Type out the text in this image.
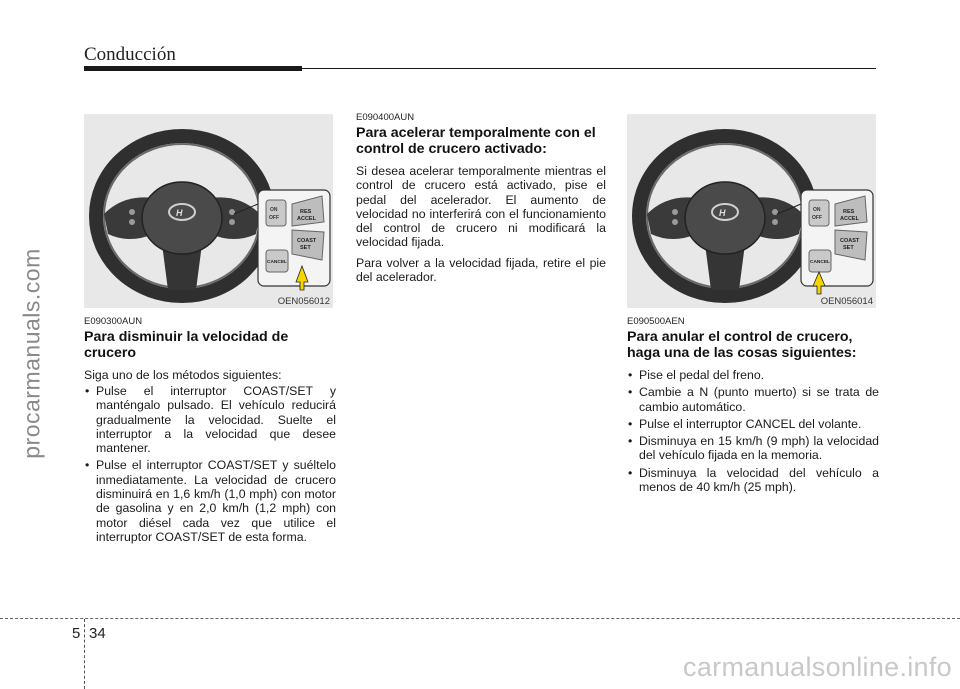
Conducción
procarmanuals.com
H	ON
OFF
RES
ACCEL
COAST
SET
CANCEL
OEN056012
E090300AUN
Para disminuir la velocidad de crucero

Siga uno de los métodos siguientes:

• Pulse el interruptor COAST/SET y manténgalo pulsado. El vehículo reducirá gradualmente la velocidad. Suelte el interruptor a la velocidad que desee mantener.
• Pulse el interruptor COAST/SET y suéltelo inmediatamente. La velocidad de crucero disminuirá en 1,6 km/h (1,0 mph) con motor de gasolina y en 2,0 km/h (1,2 mph) con motor diésel cada vez que utilice el interruptor COAST/SET de esta forma.
E090400AUN
Para acelerar temporalmente con el control de crucero activado:

Si desea acelerar temporalmente mientras el control de crucero está activado, pise el pedal del acelerador. El aumento de velocidad no interferirá con el funcionamiento del control de crucero ni modificará la velocidad fijada.

Para volver a la velocidad fijada, retire el pie del acelerador.

H	ON
OFF
RES
ACCEL
COAST
SET
CANCEL
OEN056014
E090500AEN
Para anular el control de crucero, haga una de las cosas siguientes:
• Pise el pedal del freno.
• Cambie a N (punto muerto) si se trata de cambio automático.
• Pulse el interruptor CANCEL del volante.
• Disminuya en 15 km/h (9 mph) la velocidad del vehículo fijada en la memoria.
• Disminuya la velocidad del vehículo a menos de 40 km/h (25 mph).
5 34
carmanualsonline.info
